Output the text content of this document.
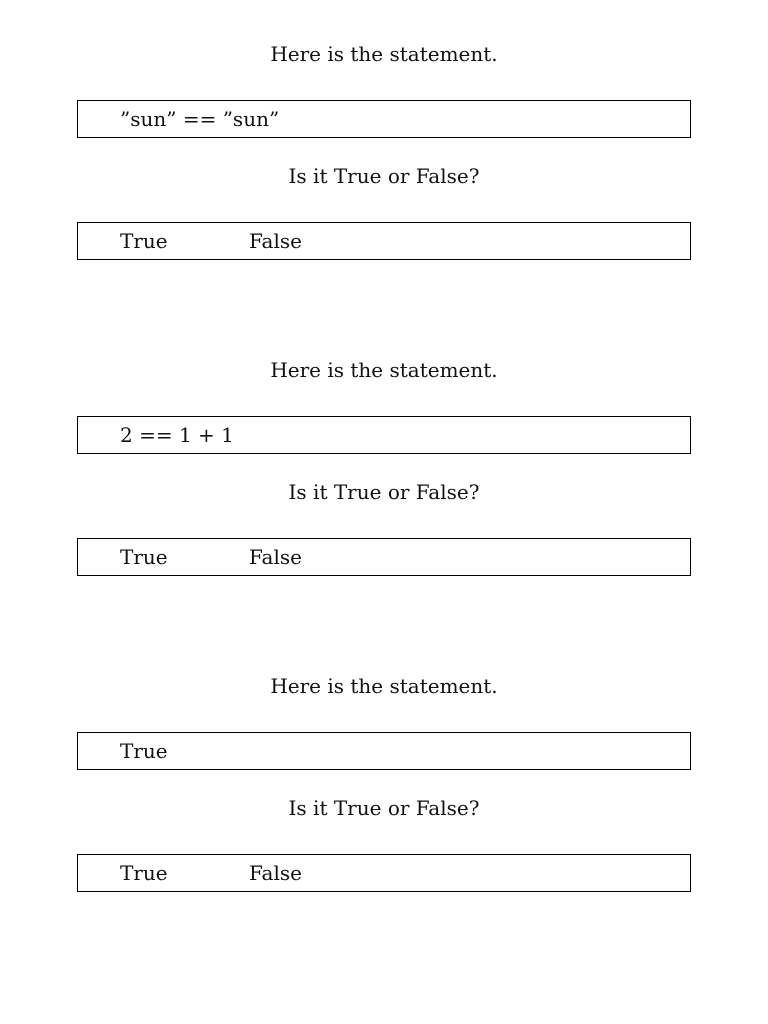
Here is the statement.
”sun” == ”sun”
Is it True or False?
True	False
Here is the statement.
2 == 1 + 1
Is it True or False?
True	False
Here is the statement.
True
Is it True or False?
True	False
